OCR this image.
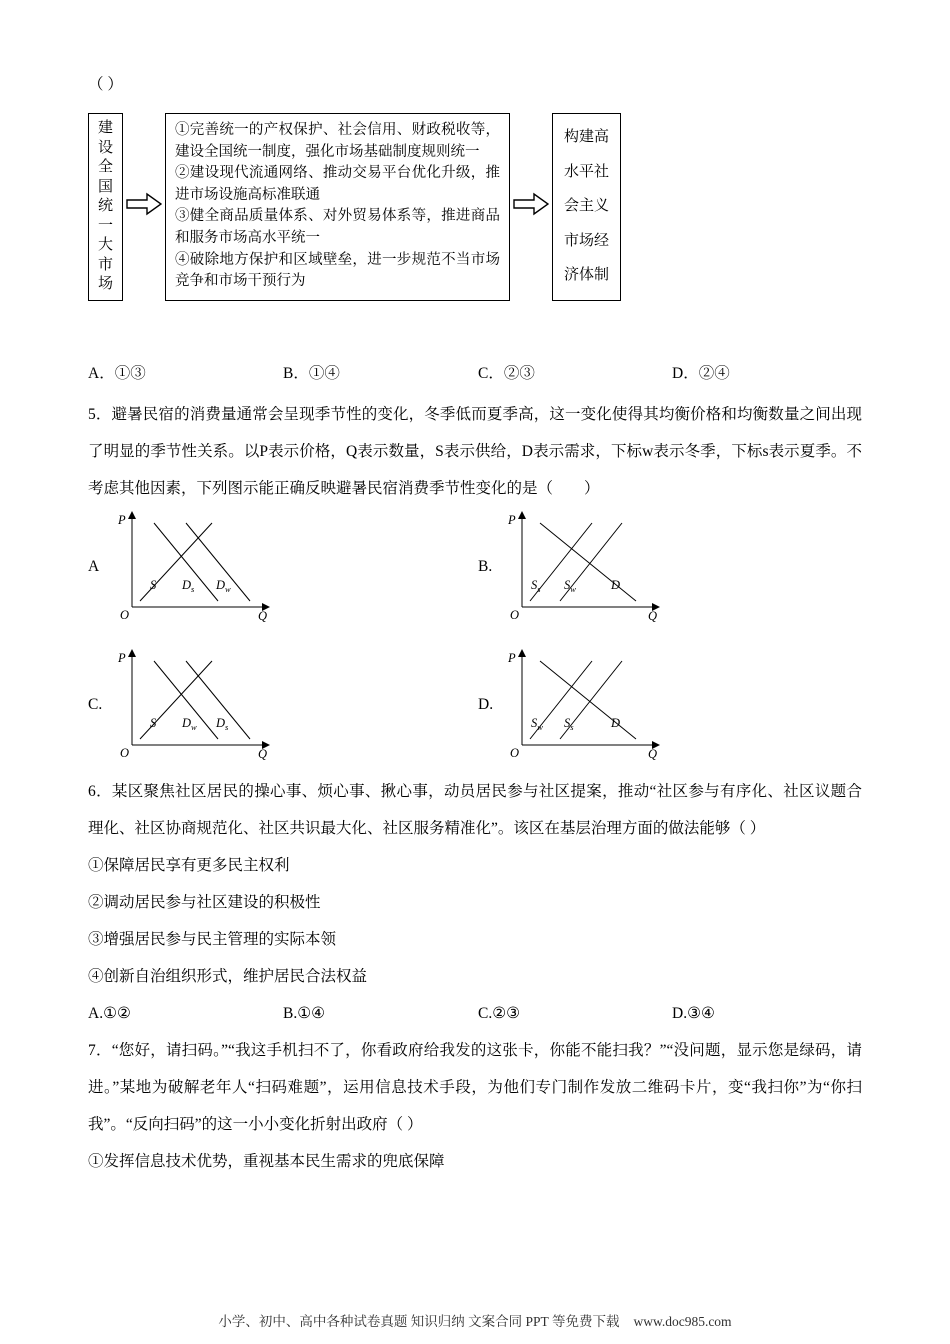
（ ）

建设全国统一大市场

①完善统一的产权保护、社会信用、财政税收等，建设全国统一制度，强化市场基础制度规则统一

②建设现代流通网络、推动交易平台优化升级，推进市场设施高标准联通

③健全商品质量体系、对外贸易体系等，推进商品和服务市场高水平统一

④破除地方保护和区域壁垒，进一步规范不当市场竞争和市场干预行为

构建高水平社会主义市场经济体制
A．①③	B．①④	C．②③	D．②④

5．避暑民宿的消费量通常会呈现季节性的变化，冬季低而夏季高，这一变化使得其均衡价格和均衡数量之间出现了明显的季节性关系。以P表示价格，Q表示数量，S表示供给，D表示需求，下标w表示冬季，下标s表示夏季。不考虑其他因素，下列图示能正确反映避暑民宿消费季节性变化的是（　　）

A
P
O	Q
S $D_s$ $D_w$
B.
P
O	Q
$S_s$ $S_w$	D
C.
P
O	Q
S $D_w$ $D_s$
D.
P
O	Q
$S_w$ $S_s$	D

6．某区聚焦社区居民的操心事、烦心事、揪心事，动员居民参与社区提案，推动“社区参与有序化、社区议题合理化、社区协商规范化、社区共识最大化、社区服务精准化”。该区在基层治理方面的做法能够（ ）

①保障居民享有更多民主权利

②调动居民参与社区建设的积极性

③增强居民参与民主管理的实际本领

④创新自治组织形式，维护居民合法权益

A.①②	B.①④	C.②③	D.③④

7．“您好，请扫码。”“我这手机扫不了，你看政府给我发的这张卡，你能不能扫我？”“没问题，显示您是绿码，请进。”某地为破解老年人“扫码难题”，运用信息技术手段，为他们专门制作发放二维码卡片，变“我扫你”为“你扫我”。“反向扫码”的这一小小变化折射出政府（ ）

①发挥信息技术优势，重视基本民生需求的兜底保障

小学、初中、高中各种试卷真题 知识归纳 文案合同 PPT 等免费下载 www.doc985.com
